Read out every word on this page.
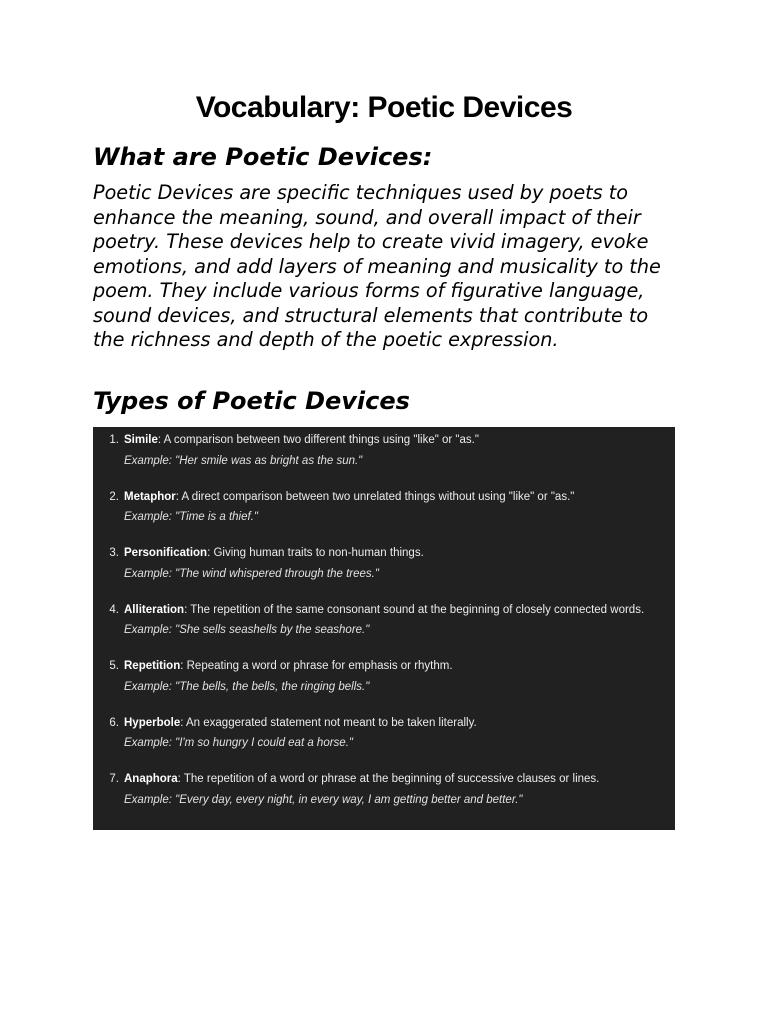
Vocabulary: Poetic Devices
What are Poetic Devices:

Poetic Devices are specific techniques used by poets to enhance the meaning, sound, and overall impact of their poetry. These devices help to create vivid imagery, evoke emotions, and add layers of meaning and musicality to the poem. They include various forms of figurative language, sound devices, and structural elements that contribute to the richness and depth of the poetic expression.

Types of Poetic Devices
1. Simile: A comparison between two different things using "like" or "as."
Example: "Her smile was as bright as the sun."
2. Metaphor: A direct comparison between two unrelated things without using "like" or "as."
Example: "Time is a thief."
3. Personification: Giving human traits to non-human things.
Example: "The wind whispered through the trees."
4. Alliteration: The repetition of the same consonant sound at the beginning of closely connected words.
Example: "She sells seashells by the seashore."
5. Repetition: Repeating a word or phrase for emphasis or rhythm.
Example: "The bells, the bells, the ringing bells."
6. Hyperbole: An exaggerated statement not meant to be taken literally.
Example: "I'm so hungry I could eat a horse."
7. Anaphora: The repetition of a word or phrase at the beginning of successive clauses or lines.
Example: "Every day, every night, in every way, I am getting better and better."
